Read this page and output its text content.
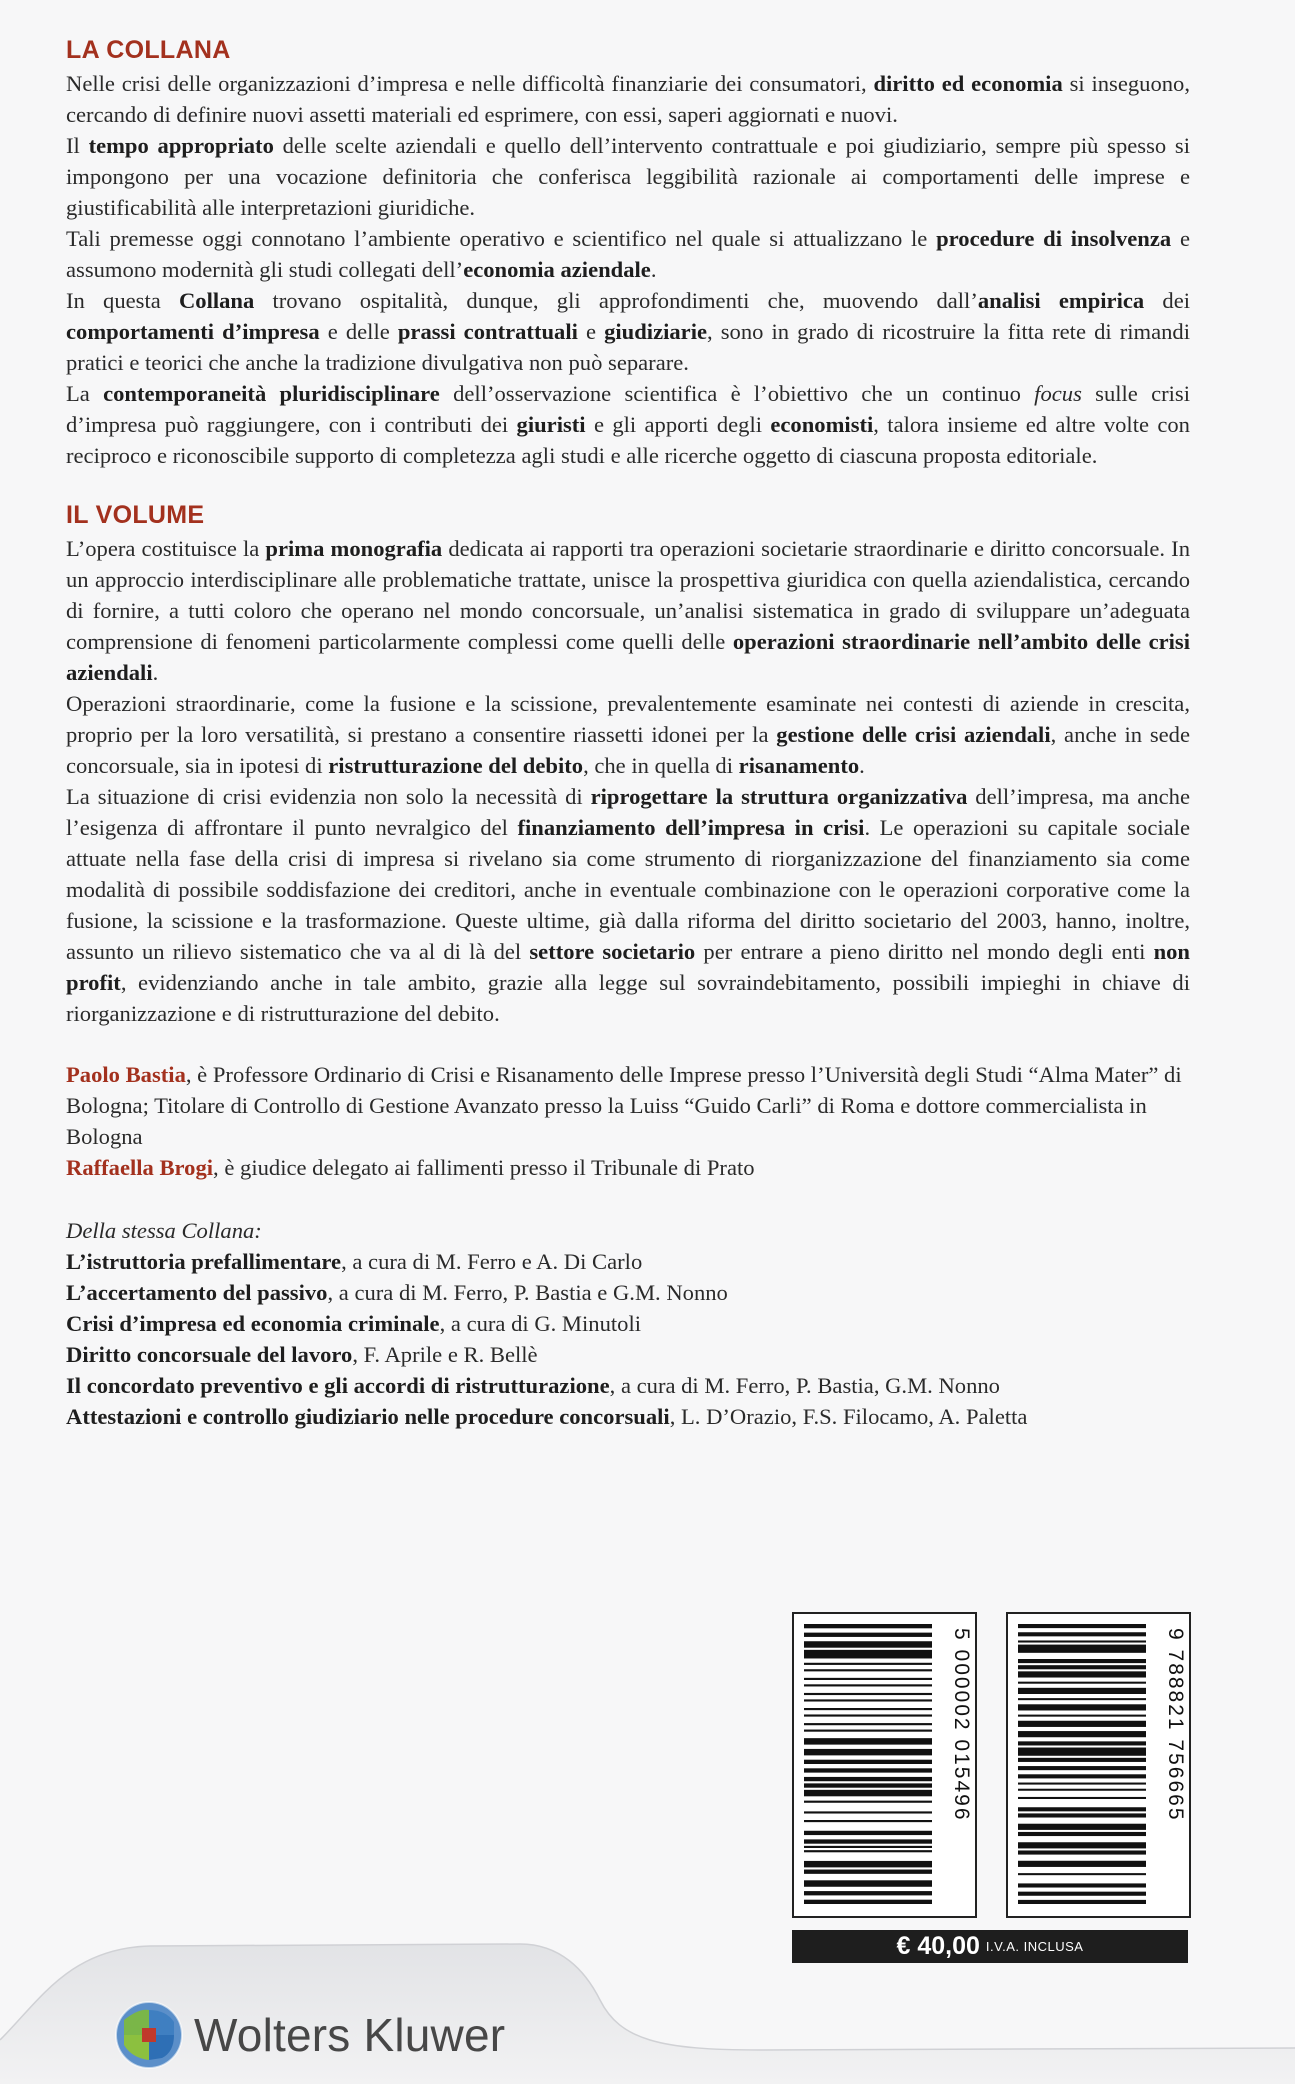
LA COLLANA

Nelle crisi delle organizzazioni d’impresa e nelle difficoltà finanziarie dei consumatori, diritto ed economia si inseguono, cercando di definire nuovi assetti materiali ed esprimere, con essi, saperi aggiornati e nuovi.

Il tempo appropriato delle scelte aziendali e quello dell’intervento contrattuale e poi giudiziario, sempre più spesso si impongono per una vocazione definitoria che conferisca leggibilità razionale ai comportamenti delle imprese e giustificabilità alle interpretazioni giuridiche.

Tali premesse oggi connotano l’ambiente operativo e scientifico nel quale si attualizzano le procedure di insolvenza e assumono modernità gli studi collegati dell’economia aziendale.

In questa Collana trovano ospitalità, dunque, gli approfondimenti che, muovendo dall’analisi empirica dei comportamenti d’impresa e delle prassi contrattuali e giudiziarie, sono in grado di ricostruire la fitta rete di rimandi pratici e teorici che anche la tradizione divulgativa non può separare.

La contemporaneità pluridisciplinare dell’osservazione scientifica è l’obiettivo che un continuo focus sulle crisi d’impresa può raggiungere, con i contributi dei giuristi e gli apporti degli economisti, talora insieme ed altre volte con reciproco e riconoscibile supporto di completezza agli studi e alle ricerche oggetto di ciascuna proposta editoriale.

IL VOLUME

L’opera costituisce la prima monografia dedicata ai rapporti tra operazioni societarie straordinarie e diritto concorsuale. In un approccio interdisciplinare alle problematiche trattate, unisce la prospettiva giuridica con quella aziendalistica, cercando di fornire, a tutti coloro che operano nel mondo concorsuale, un’analisi sistematica in grado di sviluppare un’adeguata comprensione di fenomeni particolarmente complessi come quelli delle operazioni straordinarie nell’ambito delle crisi aziendali.

Operazioni straordinarie, come la fusione e la scissione, prevalentemente esaminate nei contesti di aziende in crescita, proprio per la loro versatilità, si prestano a consentire riassetti idonei per la gestione delle crisi aziendali, anche in sede concorsuale, sia in ipotesi di ristrutturazione del debito, che in quella di risanamento.

La situazione di crisi evidenzia non solo la necessità di riprogettare la struttura organizzativa dell’impresa, ma anche l’esigenza di affrontare il punto nevralgico del finanziamento dell’impresa in crisi. Le operazioni su capitale sociale attuate nella fase della crisi di impresa si rivelano sia come strumento di riorganizzazione del finanziamento sia come modalità di possibile soddisfazione dei creditori, anche in eventuale combinazione con le operazioni corporative come la fusione, la scissione e la trasformazione. Queste ultime, già dalla riforma del diritto societario del 2003, hanno, inoltre, assunto un rilievo sistematico che va al di là del settore societario per entrare a pieno diritto nel mondo degli enti non profit, evidenziando anche in tale ambito, grazie alla legge sul sovraindebitamento, possibili impieghi in chiave di riorganizzazione e di ristrutturazione del debito.

Paolo Bastia, è Professore Ordinario di Crisi e Risanamento delle Imprese presso l’Università degli Studi “Alma Mater” di Bologna; Titolare di Controllo di Gestione Avanzato presso la Luiss “Guido Carli” di Roma e dottore commercialista in Bologna

Raffaella Brogi, è giudice delegato ai fallimenti presso il Tribunale di Prato

Della stessa Collana:

L’istruttoria prefallimentare, a cura di M. Ferro e A. Di Carlo
L’accertamento del passivo, a cura di M. Ferro, P. Bastia e G.M. Nonno
Crisi d’impresa ed economia criminale, a cura di G. Minutoli
Diritto concorsuale del lavoro, F. Aprile e R. Bellè
Il concordato preventivo e gli accordi di ristrutturazione, a cura di M. Ferro, P. Bastia, G.M. Nonno
Attestazioni e controllo giudiziario nelle procedure concorsuali, L. D’Orazio, F.S. Filocamo, A. Paletta
5 000002 015496	9 788821 756665
€ 40,00 I.V.A. INCLUSA
Wolters Kluwer
